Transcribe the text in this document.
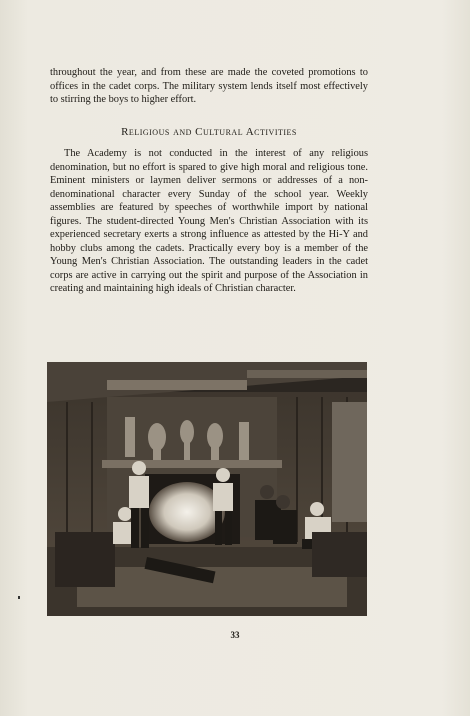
throughout the year, and from these are made the coveted promotions to offices in the cadet corps. The military system lends itself most effectively to stirring the boys to higher effort.

Religious and Cultural Activities

The Academy is not conducted in the interest of any religious denomination, but no effort is spared to give high moral and religious tone. Eminent ministers or laymen deliver sermons or addresses of a non-denominational character every Sunday of the school year. Weekly assemblies are featured by speeches of worthwhile import by national figures. The student-directed Young Men's Christian Association with its experienced secretary exerts a strong influence as attested by the Hi-Y and hobby clubs among the cadets. Practically every boy is a member of the Young Men's Christian Association. The outstanding leaders in the cadet corps are active in carrying out the spirit and purpose of the Association in creating and maintaining high ideals of Christian character.

33
